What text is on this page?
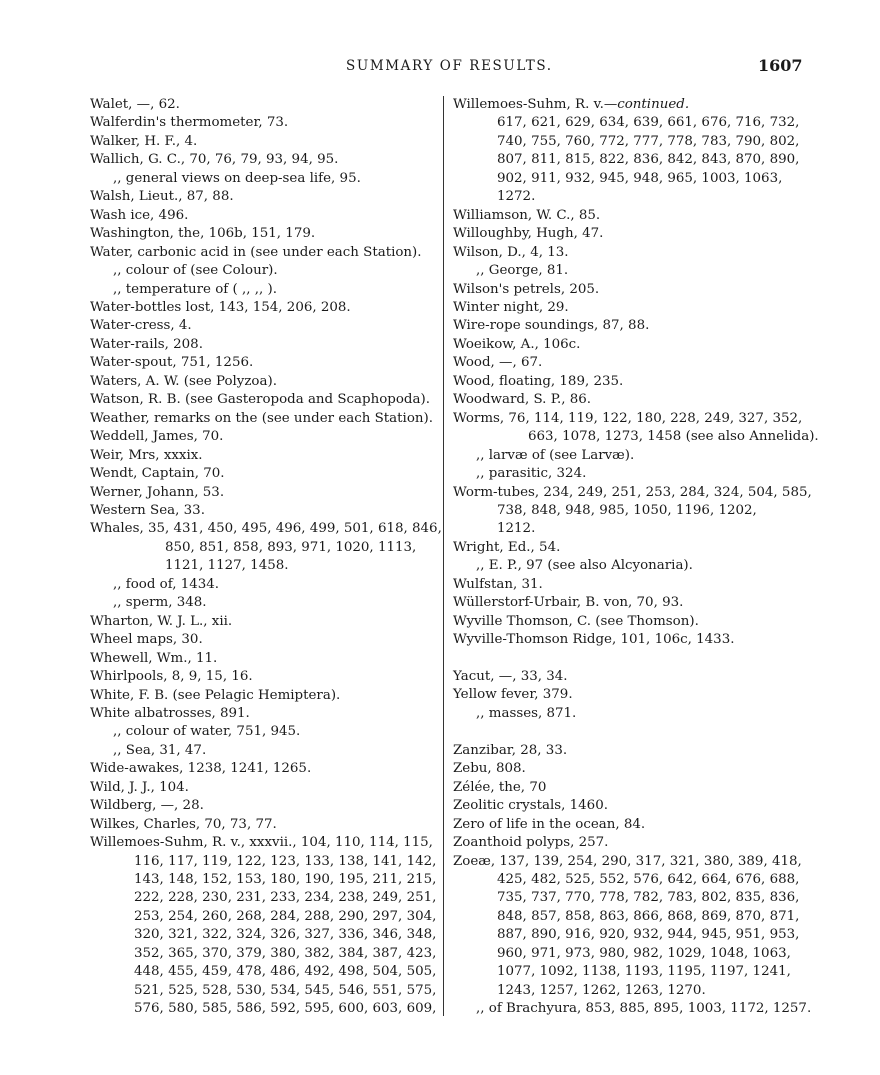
SUMMARY OF RESULTS.	1607
Walet, —, 62.
Walferdin's thermometer, 73.
Walker, H. F., 4.
Wallich, G. C., 70, 76, 79, 93, 94, 95.
,, general views on deep-sea life, 95.
Walsh, Lieut., 87, 88.
Wash ice, 496.
Washington, the, 106b, 151, 179.
Water, carbonic acid in (see under each Station).
,, colour of (see Colour).
,, temperature of ( ,, ,, ).
Water-bottles lost, 143, 154, 206, 208.
Water-cress, 4.
Water-rails, 208.
Water-spout, 751, 1256.
Waters, A. W. (see Polyzoa).
Watson, R. B. (see Gasteropoda and Scaphopoda).
Weather, remarks on the (see under each Station).
Weddell, James, 70.
Weir, Mrs, xxxix.
Wendt, Captain, 70.
Werner, Johann, 53.
Western Sea, 33.
Whales, 35, 431, 450, 495, 496, 499, 501, 618, 846,
850, 851, 858, 893, 971, 1020, 1113,
1121, 1127, 1458.
,, food of, 1434.
,, sperm, 348.
Wharton, W. J. L., xii.
Wheel maps, 30.
Whewell, Wm., 11.
Whirlpools, 8, 9, 15, 16.
White, F. B. (see Pelagic Hemiptera).
White albatrosses, 891.
,, colour of water, 751, 945.
,, Sea, 31, 47.
Wide-awakes, 1238, 1241, 1265.
Wild, J. J., 104.
Wildberg, —, 28.
Wilkes, Charles, 70, 73, 77.
Willemoes-Suhm, R. v., xxxvii., 104, 110, 114, 115,
116, 117, 119, 122, 123, 133, 138, 141, 142,
143, 148, 152, 153, 180, 190, 195, 211, 215,
222, 228, 230, 231, 233, 234, 238, 249, 251,
253, 254, 260, 268, 284, 288, 290, 297, 304,
320, 321, 322, 324, 326, 327, 336, 346, 348,
352, 365, 370, 379, 380, 382, 384, 387, 423,
448, 455, 459, 478, 486, 492, 498, 504, 505,
521, 525, 528, 530, 534, 545, 546, 551, 575,
576, 580, 585, 586, 592, 595, 600, 603, 609,
Willemoes-Suhm, R. v.—continued.
617, 621, 629, 634, 639, 661, 676, 716, 732,
740, 755, 760, 772, 777, 778, 783, 790, 802,
807, 811, 815, 822, 836, 842, 843, 870, 890,
902, 911, 932, 945, 948, 965, 1003, 1063,
1272.
Williamson, W. C., 85.
Willoughby, Hugh, 47.
Wilson, D., 4, 13.
,, George, 81.
Wilson's petrels, 205.
Winter night, 29.
Wire-rope soundings, 87, 88.
Woeikow, A., 106c.
Wood, —, 67.
Wood, floating, 189, 235.
Woodward, S. P., 86.
Worms, 76, 114, 119, 122, 180, 228, 249, 327, 352,
663, 1078, 1273, 1458 (see also Annelida).
,, larvæ of (see Larvæ).
,, parasitic, 324.
Worm-tubes, 234, 249, 251, 253, 284, 324, 504, 585,
738, 848, 948, 985, 1050, 1196, 1202,
1212.
Wright, Ed., 54.
,, E. P., 97 (see also Alcyonaria).
Wulfstan, 31.
Wüllerstorf-Urbair, B. von, 70, 93.
Wyville Thomson, C. (see Thomson).
Wyville-Thomson Ridge, 101, 106c, 1433.
Yacut, —, 33, 34.
Yellow fever, 379.
,, masses, 871.
Zanzibar, 28, 33.
Zebu, 808.
Zélée, the, 70
Zeolitic crystals, 1460.
Zero of life in the ocean, 84.
Zoanthoid polyps, 257.
Zoeæ, 137, 139, 254, 290, 317, 321, 380, 389, 418,
425, 482, 525, 552, 576, 642, 664, 676, 688,
735, 737, 770, 778, 782, 783, 802, 835, 836,
848, 857, 858, 863, 866, 868, 869, 870, 871,
887, 890, 916, 920, 932, 944, 945, 951, 953,
960, 971, 973, 980, 982, 1029, 1048, 1063,
1077, 1092, 1138, 1193, 1195, 1197, 1241,
1243, 1257, 1262, 1263, 1270.
,, of Brachyura, 853, 885, 895, 1003, 1172, 1257.
